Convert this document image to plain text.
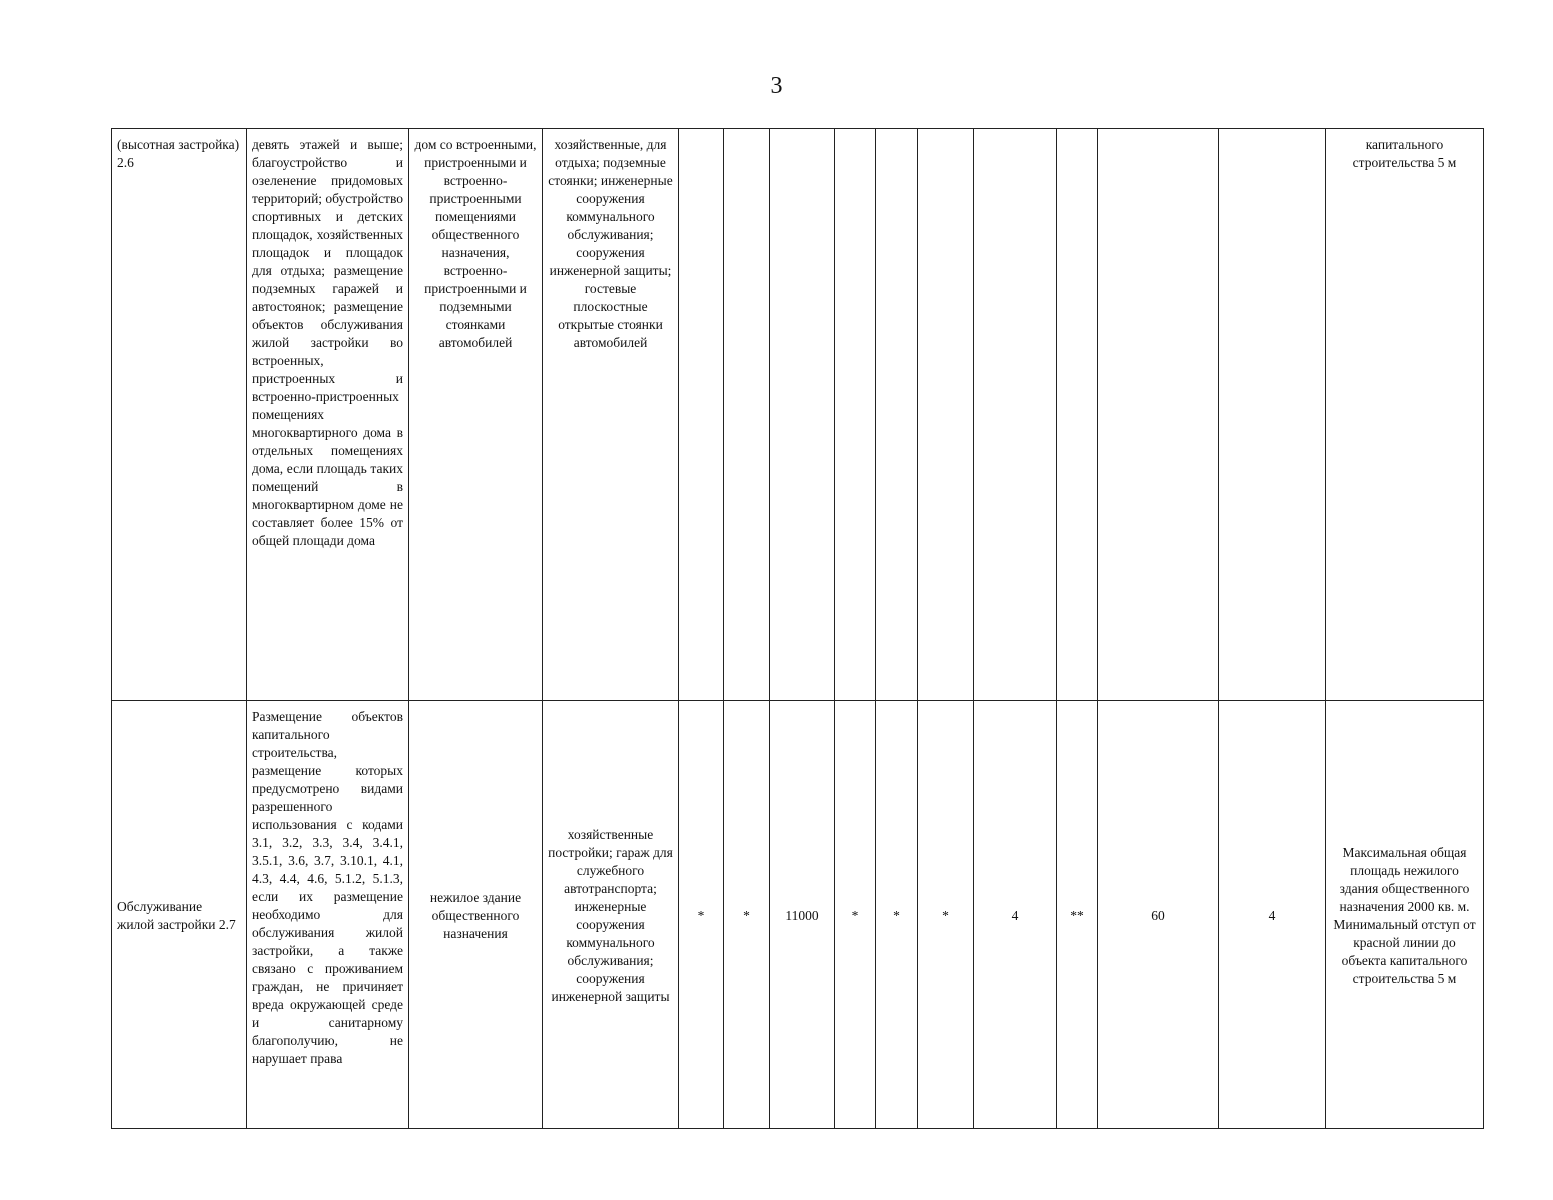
3
(высотная застройка) 2.6	девять этажей и выше; благоустройство и озеленение придомовых территорий; обустройство спортивных и детских площадок, хозяйственных площадок и площадок для отдыха; размещение подземных гаражей и автостоянок; размещение объектов обслуживания жилой застройки во встроенных, пристроенных и встроенно-пристроенных помещениях многоквартирного дома в отдельных помещениях дома, если площадь таких помещений в многоквартирном доме не составляет более 15% от общей площади дома	дом со встроенными, пристроенными и встроенно-пристроенными помещениями общественного назначения, встроенно-пристроенными и подземными стоянками автомобилей	хозяйственные, для отдыха; подземные стоянки; инженерные сооружения коммунального обслуживания; сооружения инженерной защиты; гостевые плоскостные открытые стоянки автомобилей											капитального строительства 5 м
Обслуживание жилой застройки 2.7	Размещение объектов капитального строительства, размещение которых предусмотрено видами разрешенного использования с кодами 3.1, 3.2, 3.3, 3.4, 3.4.1, 3.5.1, 3.6, 3.7, 3.10.1, 4.1, 4.3, 4.4, 4.6, 5.1.2, 5.1.3, если их размещение необходимо для обслуживания жилой застройки, а также связано с проживанием граждан, не причиняет вреда окружающей среде и санитарному благополучию, не нарушает права	нежилое здание общественного назначения	хозяйственные постройки; гараж для служебного автотранспорта; инженерные сооружения коммунального обслуживания; сооружения инженерной защиты	*	*	11000	*	*	*	4	**	60	4	Максимальная общая площадь нежилого здания общественного назначения 2000 кв. м. Минимальный отступ от красной линии до объекта капитального строительства 5 м
